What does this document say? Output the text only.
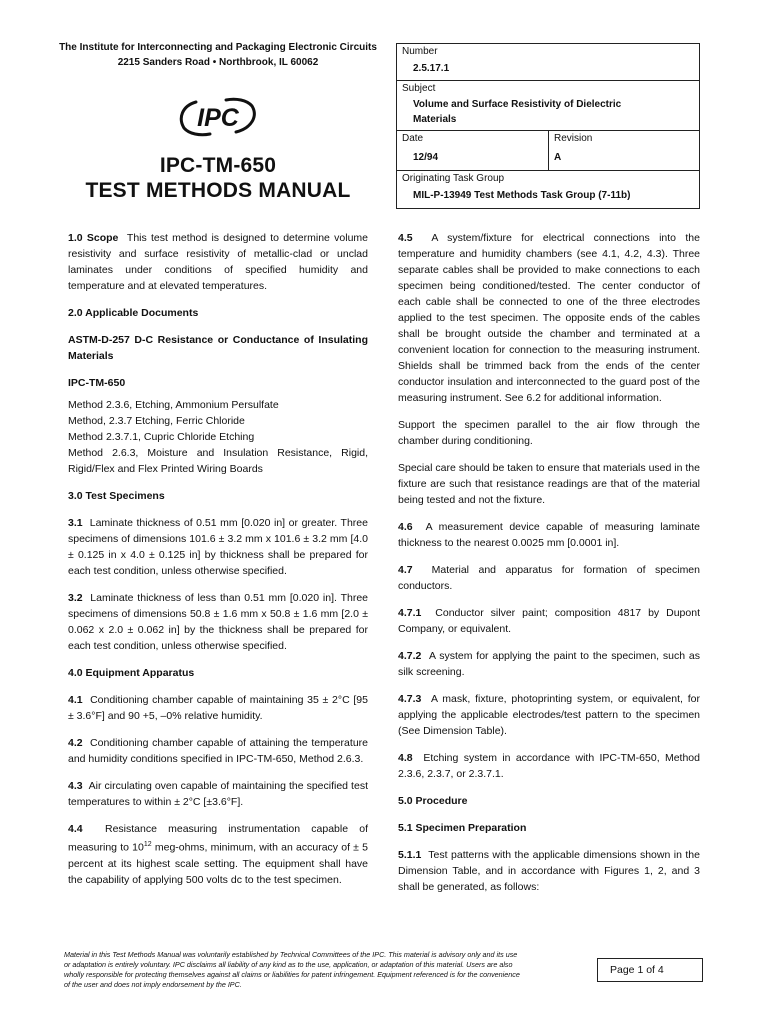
The Institute for Interconnecting and Packaging Electronic Circuits
2215 Sanders Road • Northbrook, IL 60062
IPC
IPC-TM-650
TEST METHODS MANUAL
Number
2.5.17.1
Subject
Volume and Surface Resistivity of Dielectric
Materials
Date
12/94
Revision
A
Originating Task Group
MIL-P-13949 Test Methods Task Group (7-11b)

1.0 Scope This test method is designed to determine volume resistivity and surface resistivity of metallic-clad or unclad laminates under conditions of specified humidity and temperature and at elevated temperatures.

2.0 Applicable Documents

ASTM-D-257 D-C Resistance or Conductance of Insulating Materials

IPC-TM-650

Method 2.3.6, Etching, Ammonium Persulfate

Method, 2.3.7 Etching, Ferric Chloride

Method 2.3.7.1, Cupric Chloride Etching

Method 2.6.3, Moisture and Insulation Resistance, Rigid, Rigid/Flex and Flex Printed Wiring Boards

3.0 Test Specimens

3.1 Laminate thickness of 0.51 mm [0.020 in] or greater. Three specimens of dimensions 101.6 ± 3.2 mm x 101.6 ± 3.2 mm [4.0 ± 0.125 in x 4.0 ± 0.125 in] by thickness shall be prepared for each test condition, unless otherwise specified.

3.2 Laminate thickness of less than 0.51 mm [0.020 in]. Three specimens of dimensions 50.8 ± 1.6 mm x 50.8 ± 1.6 mm [2.0 ± 0.062 x 2.0 ± 0.062 in] by the thickness shall be prepared for each test condition, unless otherwise specified.

4.0 Equipment Apparatus

4.1 Conditioning chamber capable of maintaining 35 ± 2°C [95 ± 3.6°F] and 90 +5, –0% relative humidity.

4.2 Conditioning chamber capable of attaining the temperature and humidity conditions specified in IPC-TM-650, Method 2.6.3.

4.3 Air circulating oven capable of maintaining the specified test temperatures to within ± 2°C [±3.6°F].

4.4 Resistance measuring instrumentation capable of measuring to $10^{12}$ meg-ohms, minimum, with an accuracy of ± 5 percent at its highest scale setting. The equipment shall have the capability of applying 500 volts dc to the test specimen.

4.5 A system/fixture for electrical connections into the temperature and humidity chambers (see 4.1, 4.2, 4.3). Three separate cables shall be provided to make connections to each specimen being conditioned/tested. The center conductor of each cable shall be connected to one of the three electrodes applied to the test specimen. The opposite ends of the cables shall be brought outside the chamber and terminated at a convenient location for connection to the measuring instrument. Shields shall be trimmed back from the ends of the center conductor insulation and interconnected to the guard post of the measuring instrument. See 6.2 for additional information.

Support the specimen parallel to the air flow through the chamber during conditioning.

Special care should be taken to ensure that materials used in the fixture are such that resistance readings are that of the material being tested and not the fixture.

4.6 A measurement device capable of measuring laminate thickness to the nearest 0.0025 mm [0.0001 in].

4.7 Material and apparatus for formation of specimen conductors.

4.7.1 Conductor silver paint; composition 4817 by Dupont Company, or equivalent.

4.7.2 A system for applying the paint to the specimen, such as silk screening.

4.7.3 A mask, fixture, photoprinting system, or equivalent, for applying the applicable electrodes/test pattern to the specimen (See Dimension Table).

4.8 Etching system in accordance with IPC-TM-650, Method 2.3.6, 2.3.7, or 2.3.7.1.

5.0 Procedure

5.1 Specimen Preparation

5.1.1 Test patterns with the applicable dimensions shown in the Dimension Table, and in accordance with Figures 1, 2, and 3 shall be generated, as follows:

Material in this Test Methods Manual was voluntarily established by Technical Committees of the IPC. This material is advisory only and its use or adaptation is entirely voluntary. IPC disclaims all liability of any kind as to the use, application, or adaptation of this material. Users are also wholly responsible for protecting themselves against all claims or liabilities for patent infringement. Equipment referenced is for the convenience of the user and does not imply endorsement by the IPC.
Page 1 of 4
